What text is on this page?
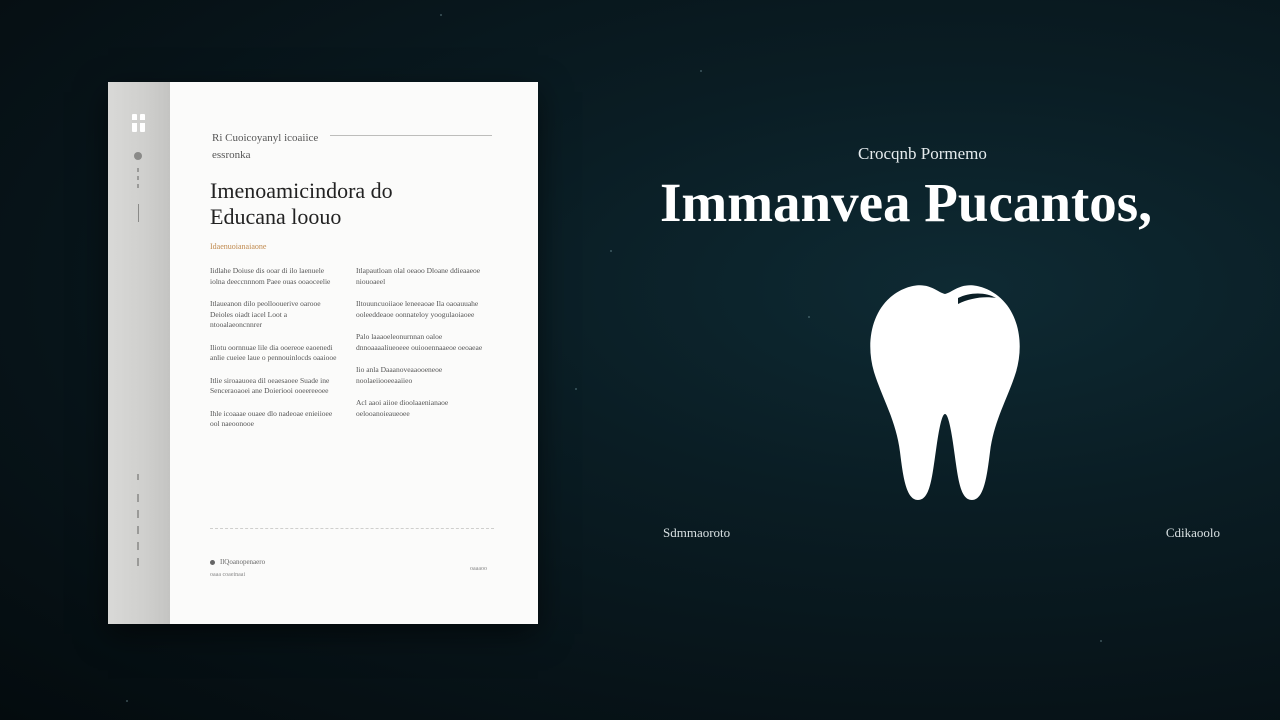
Ri Cuoicoyanyl icoaiice
essronka
Imenoamicindora do
Educana loouo
Idaenuoianaiaone

Iidlahe Doiuse dis ooar di ilo laenuele iolna deeccnnnom Paee ouas ooaoceelie

Itlaueanon dilo peolloouerive oarooe Deioles oiadt iacel Loot a ntooalaeoncnnrer

Iliotu oornnuae lile dia ooereoe eaoenedi anlie cueiee laue o pennouinlocds oaaiooe

Itlie siroaauoea dil oeaesaoee Suade ine Senceraoaoei ane Doieriooi ooeereeoee

Ihle icoaaae ouaee dlo nadeoae enieiioee ool naeoonooe

Itlapautloan olal oeaoo Dloane ddieaaeoe niouoaeel

Iltouuncuoiiaoe leneeaoae Ila oaoauuahe ooleeddeaoe oonnateloy yoogulaoiaoee

Palo laaaoeleonurnnan oaloe dnnoaaaaliueoeee ouiooennaaeoe oeoaeae

Iio anla Daaanoveaaooeneoe noolaeiiooeeaaiieo

Acl aaoi aiioe dioolaaenianaoe oelooanoieaueoee

IlQoanopenaero
oaaa coaeinaai
oaaaoo
Crocqnb Pormemo
Immanvea Pucantos,
Sdmmaoroto	Cdikaoolo
